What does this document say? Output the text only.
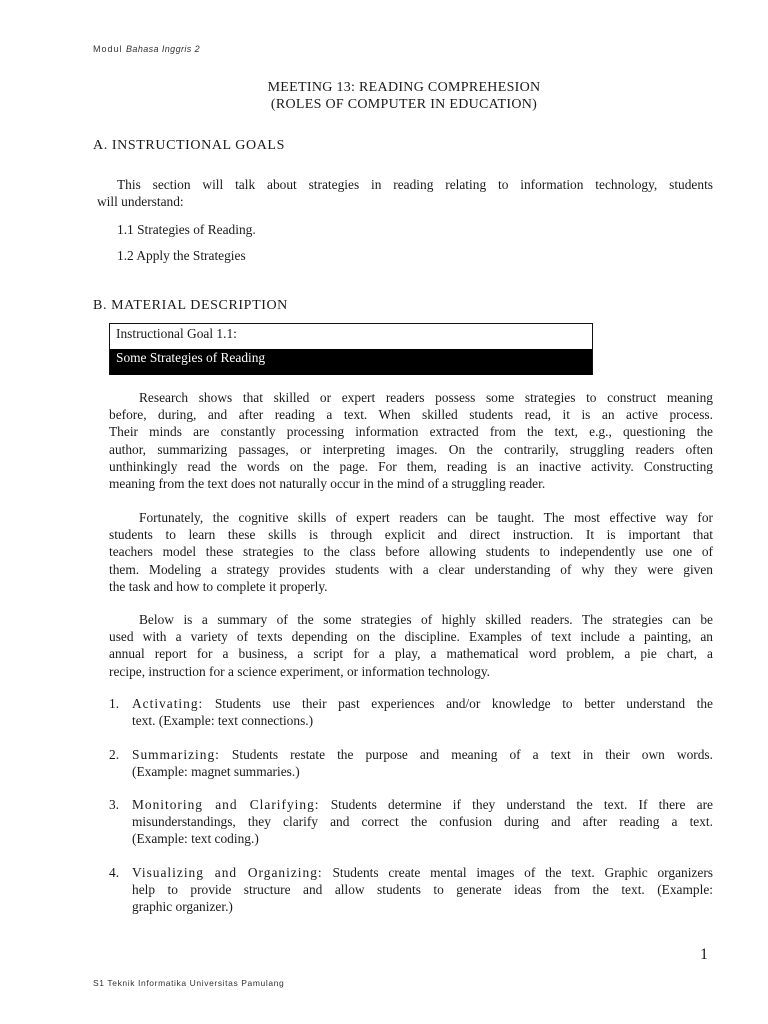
Modul Bahasa Inggris 2
MEETING 13: READING COMPREHESION
(ROLES OF COMPUTER IN EDUCATION)
A. INSTRUCTIONAL GOALS
This section will talk about strategies in reading relating to information technology, students
will understand:
1.1 Strategies of Reading.
1.2 Apply the Strategies
B. MATERIAL DESCRIPTION
Instructional Goal 1.1:
Some Strategies of Reading
Research shows that skilled or expert readers possess some strategies to construct meaning
before, during, and after reading a text. When skilled students read, it is an active process.
Their minds are constantly processing information extracted from the text, e.g., questioning the
author, summarizing passages, or interpreting images. On the contrarily, struggling readers often
unthinkingly read the words on the page. For them, reading is an inactive activity. Constructing
meaning from the text does not naturally occur in the mind of a struggling reader.
Fortunately, the cognitive skills of expert readers can be taught. The most effective way for
students to learn these skills is through explicit and direct instruction. It is important that
teachers model these strategies to the class before allowing students to independently use one of
them. Modeling a strategy provides students with a clear understanding of why they were given
the task and how to complete it properly.
Below is a summary of the some strategies of highly skilled readers. The strategies can be
used with a variety of texts depending on the discipline. Examples of text include a painting, an
annual report for a business, a script for a play, a mathematical word problem, a pie chart, a
recipe, instruction for a science experiment, or information technology.
1. Activating: Students use their past experiences and/or knowledge to better understand the
text. (Example: text connections.)
2. Summarizing: Students restate the purpose and meaning of a text in their own words.
(Example: magnet summaries.)
3. Monitoring and Clarifying: Students determine if they understand the text. If there are
misunderstandings, they clarify and correct the confusion during and after reading a text.
(Example: text coding.)
4. Visualizing and Organizing: Students create mental images of the text. Graphic organizers
help to provide structure and allow students to generate ideas from the text. (Example:
graphic organizer.)
1
S1 Teknik Informatika Universitas Pamulang
